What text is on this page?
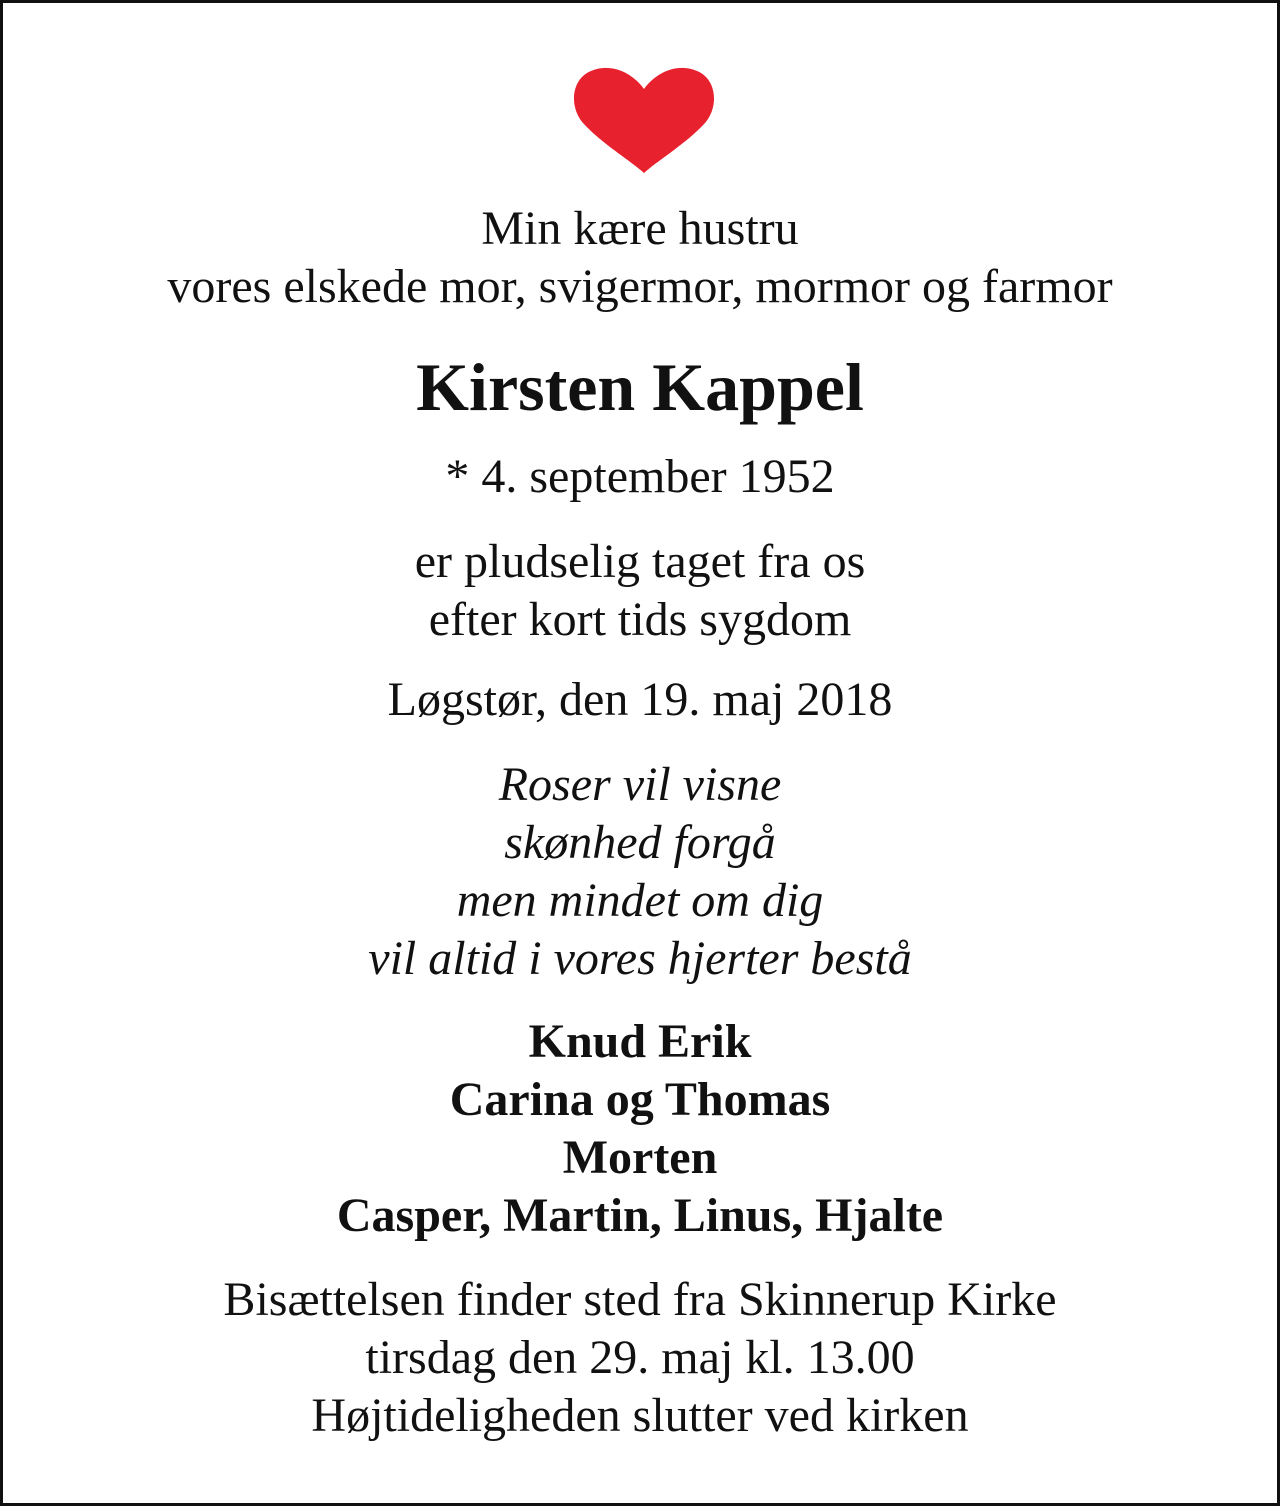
Min kære hustru
vores elskede mor, svigermor, mormor og farmor
Kirsten Kappel
* 4. september 1952
er pludselig taget fra os
efter kort tids sygdom
Løgstør, den 19. maj 2018
Roser vil visne
skønhed forgå
men mindet om dig
vil altid i vores hjerter bestå
Knud Erik
Carina og Thomas
Morten
Casper, Martin, Linus, Hjalte
Bisættelsen finder sted fra Skinnerup Kirke
tirsdag den 29. maj kl. 13.00
Højtideligheden slutter ved kirken
